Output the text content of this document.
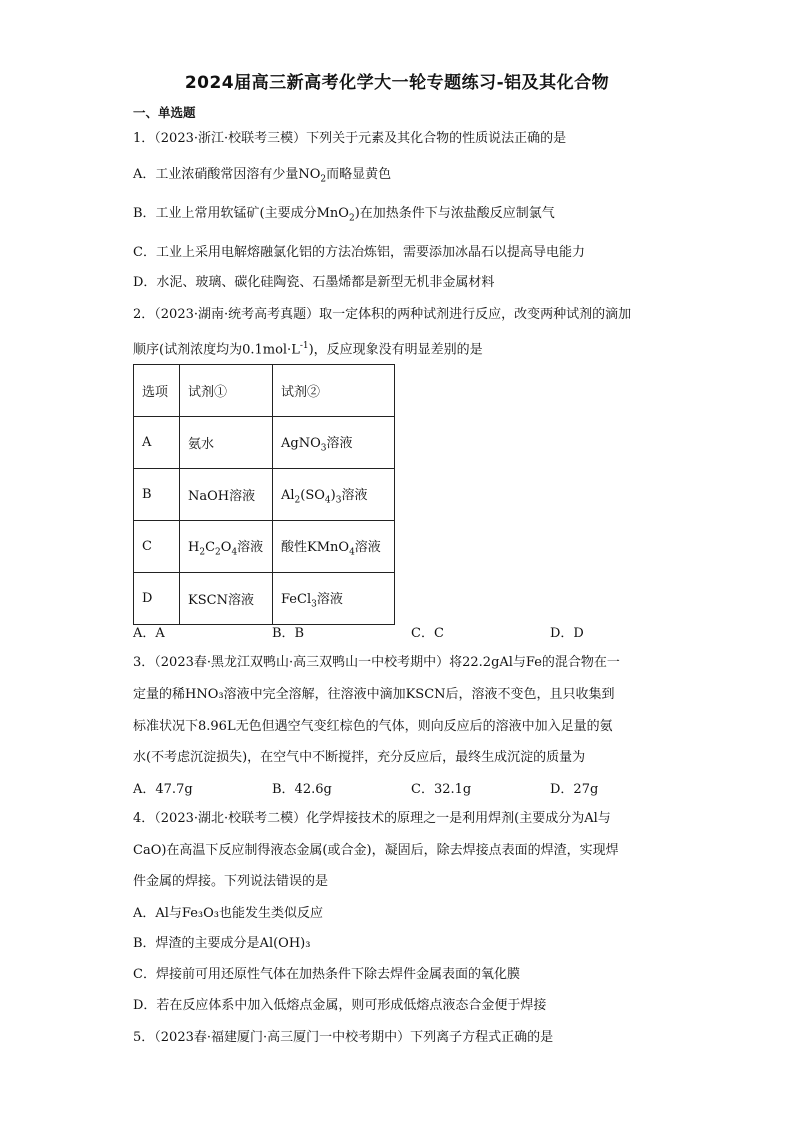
2024届高三新高考化学大一轮专题练习-铝及其化合物
一、单选题
1．（2023·浙江·校联考三模）下列关于元素及其化合物的性质说法正确的是
A．工业浓硝酸常因溶有少量$NO_2$而略显黄色
B．工业上常用软锰矿(主要成分MnO$_2$)在加热条件下与浓盐酸反应制氯气
C．工业上采用电解熔融氯化铝的方法冶炼铝，需要添加冰晶石以提高导电能力
D．水泥、玻璃、碳化硅陶瓷、石墨烯都是新型无机非金属材料
2．（2023·湖南·统考高考真题）取一定体积的两种试剂进行反应，改变两种试剂的滴加
顺序(试剂浓度均为$0.1mol\cdot L^{-1}$)，反应现象没有明显差别的是
选项	试剂①	试剂②
A	氨水	AgNO$_3$溶液
B	NaOH溶液	$Al_2(SO_4)_3$溶液
C	$H_2C_2O_4$溶液	酸性KMnO$_4$溶液
D	KSCN溶液	FeCl$_3$溶液
A．A	B．B	C．C	D．D
3．（2023春·黑龙江双鸭山·高三双鸭山一中校考期中）将22.2gAl与Fe的混合物在一
定量的稀HNO₃溶液中完全溶解，往溶液中滴加KSCN后，溶液不变色，且只收集到
标准状况下8.96L无色但遇空气变红棕色的气体，则向反应后的溶液中加入足量的氨
水(不考虑沉淀损失)，在空气中不断搅拌，充分反应后，最终生成沉淀的质量为
A．47.7g	B．42.6g	C．32.1g	D．27g
4．（2023·湖北·校联考二模）化学焊接技术的原理之一是利用焊剂(主要成分为Al与
CaO)在高温下反应制得液态金属(或合金)，凝固后，除去焊接点表面的焊渣，实现焊
件金属的焊接。下列说法错误的是
A．Al与Fe₃O₃也能发生类似反应
B．焊渣的主要成分是Al(OH)₃
C．焊接前可用还原性气体在加热条件下除去焊件金属表面的氧化膜
D．若在反应体系中加入低熔点金属，则可形成低熔点液态合金便于焊接
5．（2023春·福建厦门·高三厦门一中校考期中）下列离子方程式正确的是
